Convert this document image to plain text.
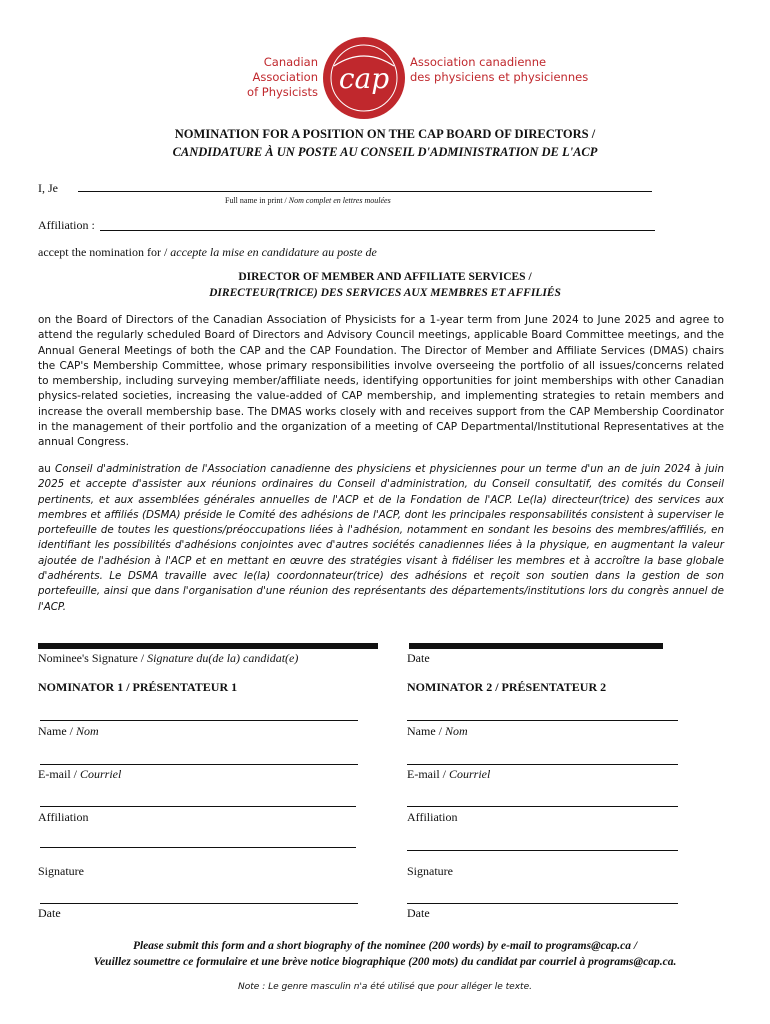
Canadian Association
of Physicists cap Association canadienne
des physiciens et physiciennes
NOMINATION FOR A POSITION ON THE CAP BOARD OF DIRECTORS /
CANDIDATURE À UN POSTE AU CONSEIL D'ADMINISTRATION DE L'ACP
I, Je
Full name in print / Nom complet en lettres moulées
Affiliation :
accept the nomination for / accepte la mise en candidature au poste de
DIRECTOR OF MEMBER AND AFFILIATE SERVICES /
DIRECTEUR(TRICE) DES SERVICES AUX MEMBRES ET AFFILIÉS
on the Board of Directors of the Canadian Association of Physicists for a 1-year term from June 2024 to June 2025 and agree to attend the regularly scheduled Board of Directors and Advisory Council meetings, applicable Board Committee meetings, and the Annual General Meetings of both the CAP and the CAP Foundation. The Director of Member and Affiliate Services (DMAS) chairs the CAP's Membership Committee, whose primary responsibilities involve overseeing the portfolio of all issues/concerns related to membership, including surveying member/affiliate needs, identifying opportunities for joint memberships with other Canadian physics-related societies, increasing the value-added of CAP membership, and implementing strategies to retain members and increase the overall membership base. The DMAS works closely with and receives support from the CAP Membership Coordinator in the management of their portfolio and the organization of a meeting of CAP Departmental/Institutional Representatives at the annual Congress.
au Conseil d'administration de l'Association canadienne des physiciens et physiciennes pour un terme d'un an de juin 2024 à juin 2025 et accepte d'assister aux réunions ordinaires du Conseil d'administration, du Conseil consultatif, des comités du Conseil pertinents, et aux assemblées générales annuelles de l'ACP et de la Fondation de l'ACP. Le(la) directeur(trice) des services aux membres et affiliés (DSMA) préside le Comité des adhésions de l'ACP, dont les principales responsabilités consistent à superviser le portefeuille de toutes les questions/préoccupations liées à l'adhésion, notamment en sondant les besoins des membres/affiliés, en identifiant les possibilités d'adhésions conjointes avec d'autres sociétés canadiennes liées à la physique, en augmentant la valeur ajoutée de l'adhésion à l'ACP et en mettant en œuvre des stratégies visant à fidéliser les membres et à accroître la base globale d'adhérents. Le DSMA travaille avec le(la) coordonnateur(trice) des adhésions et reçoit son soutien dans la gestion de son portefeuille, ainsi que dans l'organisation d'une réunion des représentants des départements/institutions lors du congrès annuel de l'ACP.
Nominee's Signature / Signature du(de la) candidat(e)	Date
NOMINATOR 1 / PRÉSENTATEUR 1
Name / Nom
E-mail / Courriel
Affiliation
Signature
Date
NOMINATOR 2 / PRÉSENTATEUR 2
Name / Nom
E-mail / Courriel
Affiliation
Signature
Date
Please submit this form and a short biography of the nominee (200 words) by e-mail to programs@cap.ca /
Veuillez soumettre ce formulaire et une brève notice biographique (200 mots) du candidat par courriel à programs@cap.ca.
Note : Le genre masculin n'a été utilisé que pour alléger le texte.
